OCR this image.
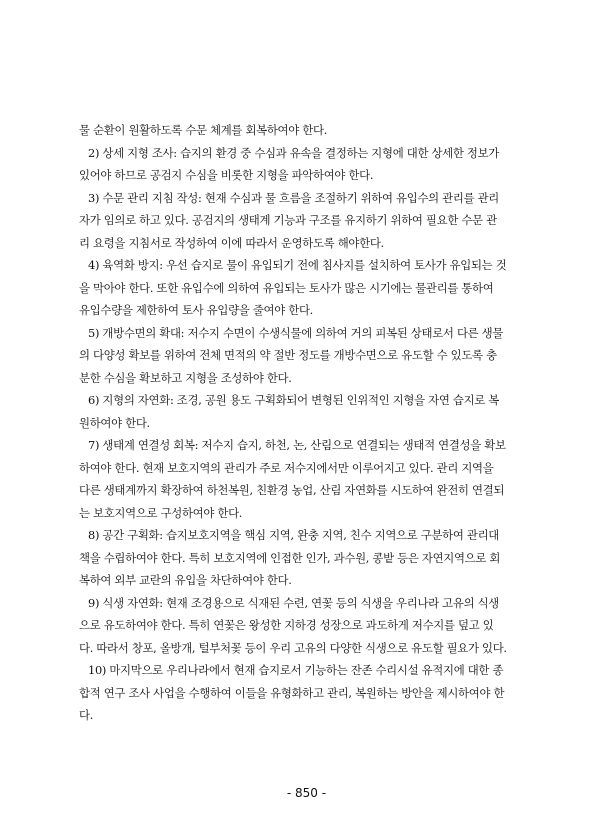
물 순환이 원활하도록 수문 체계를 회복하여야 한다.
2) 상세 지형 조사: 습지의 환경 중 수심과 유속을 결정하는 지형에 대한 상세한 정보가
있어야 하므로 공검지 수심을 비롯한 지형을 파악하여야 한다.
3) 수문 관리 지침 작성: 현재 수심과 물 흐름을 조절하기 위하여 유입수의 관리를 관리
자가 임의로 하고 있다. 공검지의 생태계 기능과 구조를 유지하기 위하여 필요한 수문 관
리 요령을 지침서로 작성하여 이에 따라서 운영하도록 해야한다.
4) 육역화 방지: 우선 습지로 물이 유입되기 전에 침사지를 설치하여 토사가 유입되는 것
을 막아야 한다. 또한 유입수에 의하여 유입되는 토사가 많은 시기에는 물관리를 통하여
유입수량을 제한하여 토사 유입량을 줄여야 한다.
5) 개방수면의 확대: 저수지 수면이 수생식물에 의하여 거의 피복된 상태로서 다른 생물
의 다양성 확보를 위하여 전체 면적의 약 절반 정도를 개방수면으로 유도할 수 있도록 충
분한 수심을 확보하고 지형을 조성하야 한다.
6) 지형의 자연화: 조경, 공원 용도 구획화되어 변형된 인위적인 지형을 자연 습지로 복
원하여야 한다.
7) 생태계 연결성 회복: 저수지 습지, 하천, 논, 산림으로 연결되는 생태적 연결성을 확보
하여야 한다. 현재 보호지역의 관리가 주로 저수지에서만 이루어지고 있다. 관리 지역을
다른 생태계까지 확장하여 하천복원, 친환경 농업, 산림 자연화를 시도하여 완전히 연결되
는 보호지역으로 구성하여야 한다.
8) 공간 구획화: 습지보호지역을 핵심 지역, 완충 지역, 친수 지역으로 구분하여 관리대
책을 수립하여야 한다. 특히 보호지역에 인접한 인가, 과수원, 콩밭 등은 자연지역으로 회
복하여 외부 교란의 유입을 차단하여야 한다.
9) 식생 자연화: 현재 조경용으로 식재된 수련, 연꽃 등의 식생을 우리나라 고유의 식생
으로 유도하여야 한다. 특히 연꽃은 왕성한 지하경 성장으로 과도하게 저수지를 덮고 있
다. 따라서 창포, 올방개, 털부처꽃 등이 우리 고유의 다양한 식생으로 유도할 필요가 있다.
10) 마지막으로 우리나라에서 현재 습지로서 기능하는 잔존 수리시설 유적지에 대한 종
합적 연구 조사 사업을 수행하여 이들을 유형화하고 관리, 복원하는 방안을 제시하여야 한
다.
- 850 -
